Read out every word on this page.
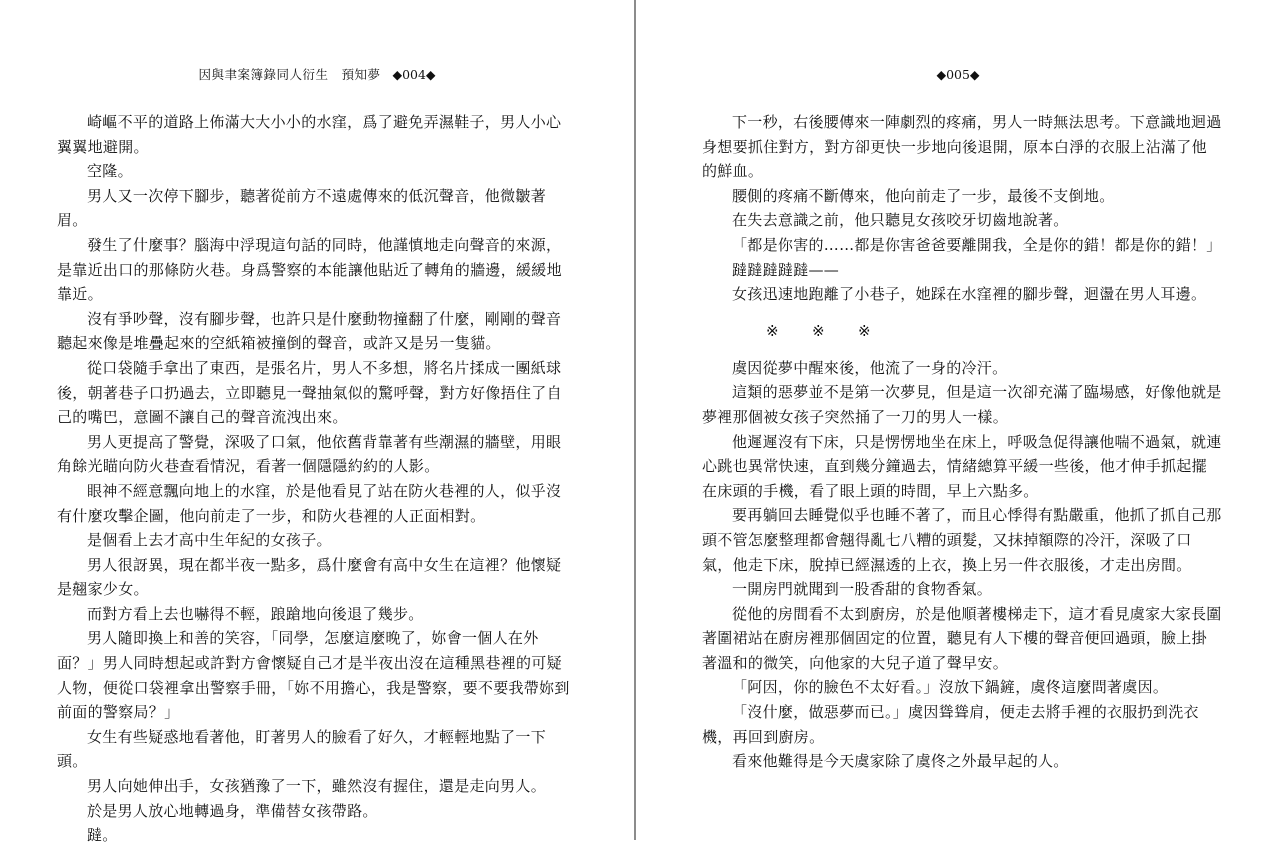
因與聿案簿錄同人衍生　預知夢 ◆004◆

崎嶇不平的道路上佈滿大大小小的水窪，爲了避免弄濕鞋子，男人小心翼翼地避開。

空隆。

男人又一次停下腳步，聽著從前方不遠處傳來的低沉聲音，他微皺著眉。

發生了什麼事？腦海中浮現這句話的同時，他謹慎地走向聲音的來源，是靠近出口的那條防火巷。身爲警察的本能讓他貼近了轉角的牆邊，緩緩地靠近。

沒有爭吵聲，沒有腳步聲，也許只是什麼動物撞翻了什麼，剛剛的聲音聽起來像是堆疊起來的空紙箱被撞倒的聲音，或許又是另一隻貓。

從口袋隨手拿出了東西，是張名片，男人不多想，將名片揉成一團紙球後，朝著巷子口扔過去，立即聽見一聲抽氣似的驚呼聲，對方好像捂住了自己的嘴巴，意圖不讓自己的聲音流洩出來。

男人更提高了警覺，深吸了口氣，他依舊背靠著有些潮濕的牆壁，用眼角餘光瞄向防火巷查看情況，看著一個隱隱約約的人影。

眼神不經意飄向地上的水窪，於是他看見了站在防火巷裡的人，似乎沒有什麼攻擊企圖，他向前走了一步，和防火巷裡的人正面相對。

是個看上去才高中生年紀的女孩子。

男人很訝異，現在都半夜一點多，爲什麼會有高中女生在這裡？他懷疑是翹家少女。

而對方看上去也嚇得不輕，踉蹌地向後退了幾步。

男人隨即換上和善的笑容，「同學，怎麼這麼晚了，妳會一個人在外面？」男人同時想起或許對方會懷疑自己才是半夜出沒在這種黑巷裡的可疑人物，便從口袋裡拿出警察手冊，「妳不用擔心，我是警察，要不要我帶妳到前面的警察局？」

女生有些疑惑地看著他，盯著男人的臉看了好久，才輕輕地點了一下頭。

男人向她伸出手，女孩猶豫了一下，雖然沒有握住，還是走向男人。

於是男人放心地轉過身，準備替女孩帶路。

躂。

◆005◆

下一秒，右後腰傳來一陣劇烈的疼痛，男人一時無法思考。下意識地迴過身想要抓住對方，對方卻更快一步地向後退開，原本白淨的衣服上沾滿了他的鮮血。

腰側的疼痛不斷傳來，他向前走了一步，最後不支倒地。

在失去意識之前，他只聽見女孩咬牙切齒地說著。

「都是你害的……都是你害爸爸要離開我，全是你的錯！都是你的錯！」

躂躂躂躂躂——

女孩迅速地跑離了小巷子，她踩在水窪裡的腳步聲，迴盪在男人耳邊。

※ ※ ※

虞因從夢中醒來後，他流了一身的冷汗。

這類的惡夢並不是第一次夢見，但是這一次卻充滿了臨場感，好像他就是夢裡那個被女孩子突然捅了一刀的男人一樣。

他遲遲沒有下床，只是愣愣地坐在床上，呼吸急促得讓他喘不過氣，就連心跳也異常快速，直到幾分鐘過去，情緒總算平緩一些後，他才伸手抓起擺在床頭的手機，看了眼上頭的時間，早上六點多。

要再躺回去睡覺似乎也睡不著了，而且心悸得有點嚴重，他抓了抓自己那頭不管怎麼整理都會翹得亂七八糟的頭髮，又抹掉額際的冷汗，深吸了口氣，他走下床，脫掉已經濕透的上衣，換上另一件衣服後，才走出房間。

一開房門就聞到一股香甜的食物香氣。

從他的房間看不太到廚房，於是他順著樓梯走下，這才看見虞家大家長圍著圍裙站在廚房裡那個固定的位置，聽見有人下樓的聲音便回過頭，臉上掛著溫和的微笑，向他家的大兒子道了聲早安。

「阿因，你的臉色不太好看。」沒放下鍋鏟，虞佟這麼問著虞因。

「沒什麼，做惡夢而已。」虞因聳聳肩，便走去將手裡的衣服扔到洗衣機，再回到廚房。

看來他難得是今天虞家除了虞佟之外最早起的人。
